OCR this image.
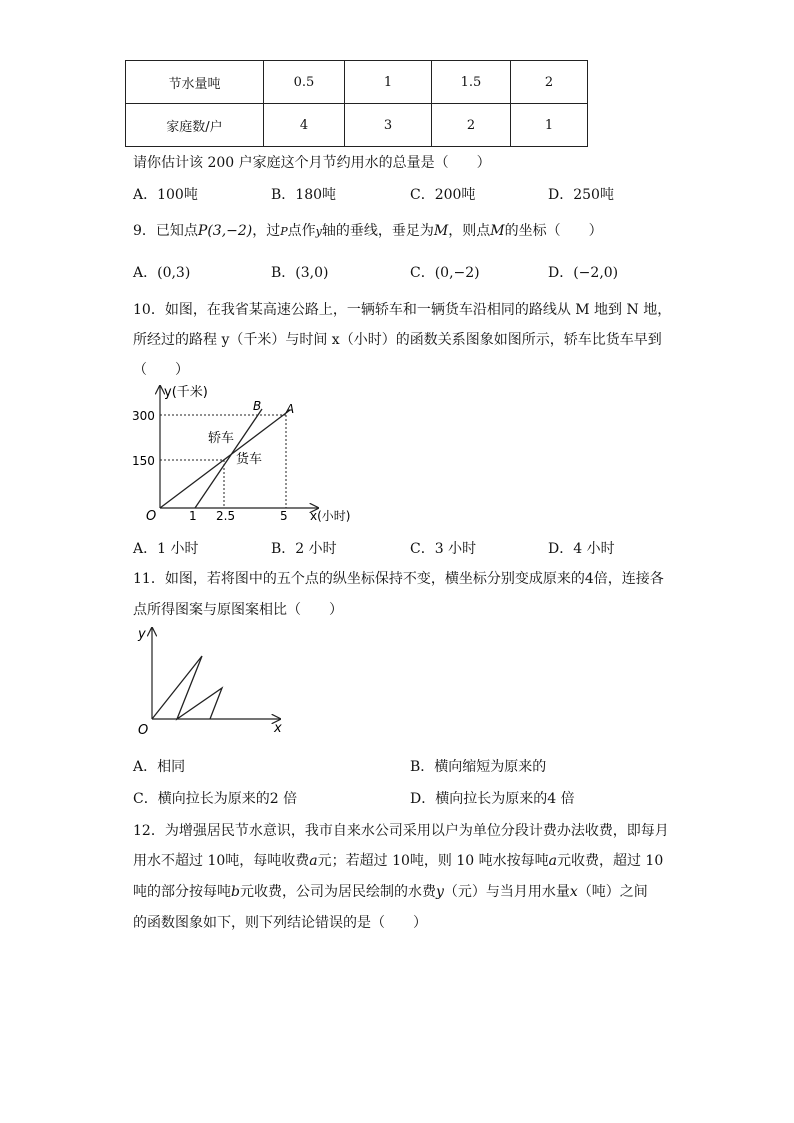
节水量吨	0.5	1	1.5	2
家庭数/户	4	3	2	1
请你估计该 200 户家庭这个月节约用水的总量是（　　）
A．100吨	B．180吨	C．200吨	D．250吨
9．已知点P(3,−2)，过P点作y轴的垂线，垂足为M，则点M的坐标（　　）
A．(0,3)	B．(3,0)	C．(0,−2)	D．(−2,0)
10．如图，在我省某高速公路上，一辆轿车和一辆货车沿相同的路线从 M 地到 N 地，
所经过的路程 y（千米）与时间 x（小时）的函数关系图象如图所示，轿车比货车早到
（　　）
y(千米)
x(小时)
O
300
150
1 2.5	5
B A
轿车
货车
A．1 小时	B．2 小时	C．3 小时	D．4 小时
11．如图，若将图中的五个点的纵坐标保持不变，横坐标分别变成原来的4倍，连接各
点所得图案与原图案相比（　　）
y
x
O
A．相同	B．横向缩短为原来的
C．横向拉长为原来的2 倍	D．横向拉长为原来的4 倍
12．为增强居民节水意识，我市自来水公司采用以户为单位分段计费办法收费，即每月
用水不超过 10吨，每吨收费a元；若超过 10吨，则 10 吨水按每吨a元收费，超过 10
吨的部分按每吨b元收费，公司为居民绘制的水费y（元）与当月用水量x（吨）之间
的函数图象如下，则下列结论错误的是（　　）
